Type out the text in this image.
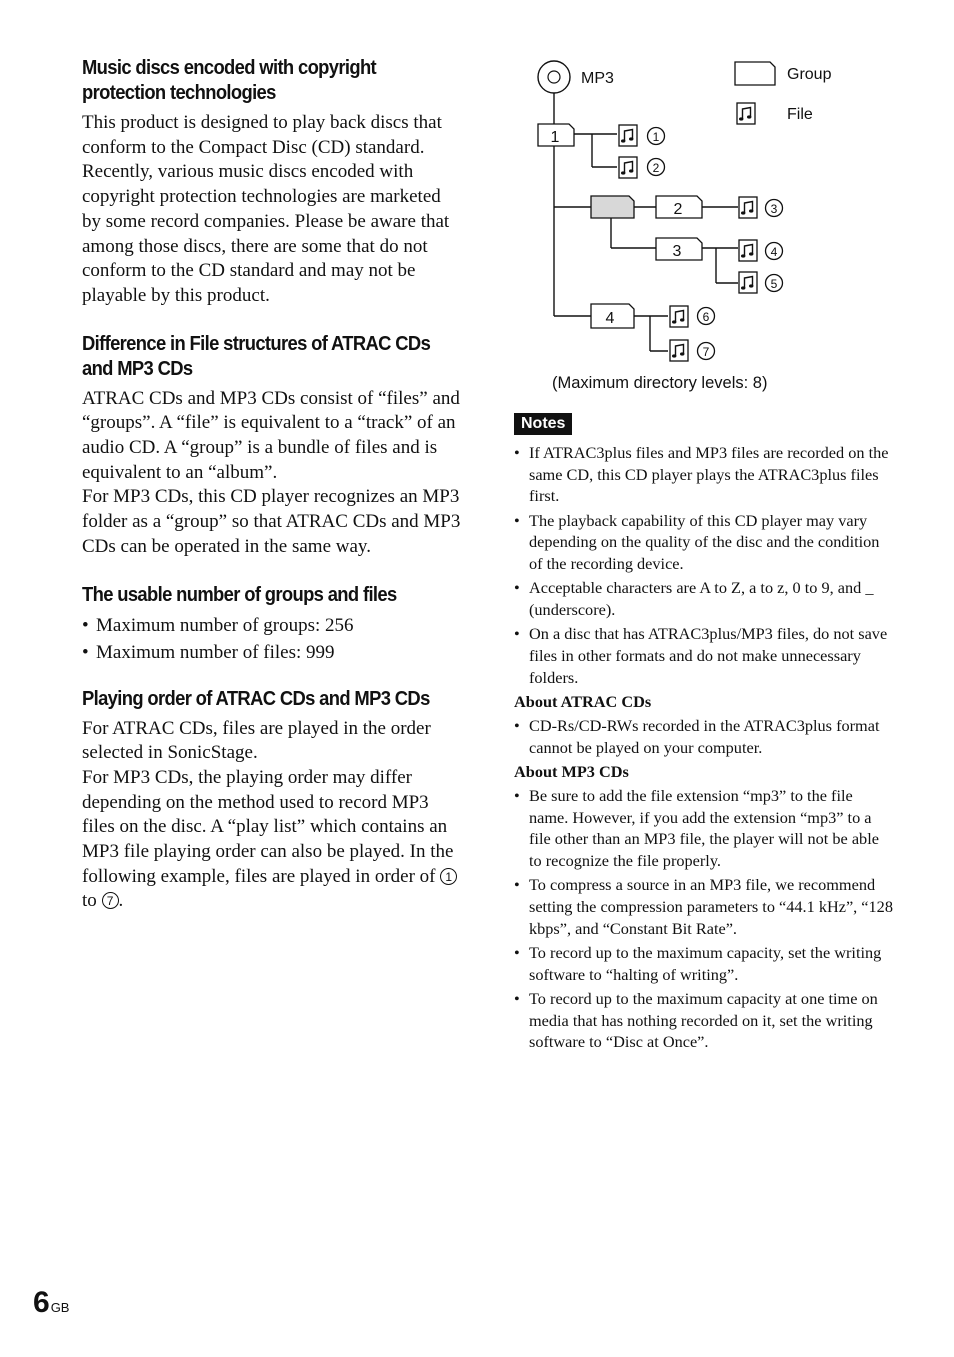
Music discs encoded with copyright protection technologies

This product is designed to play back discs that conform to the Compact Disc (CD) standard. Recently, various music discs encoded with copyright protection technologies are marketed by some record companies. Please be aware that among those discs, there are some that do not conform to the CD standard and may not be playable by this product.

Difference in File structures of ATRAC CDs and MP3 CDs

ATRAC CDs and MP3 CDs consist of “files” and “groups”. A “file” is equivalent to a “track” of an audio CD. A “group” is a bundle of files and is equivalent to an “album”.

For MP3 CDs, this CD player recognizes an MP3 folder as a “group” so that ATRAC CDs and MP3 CDs can be operated in the same way.

The usable number of groups and files
• Maximum number of groups: 256
• Maximum number of files: 999
Playing order of ATRAC CDs and MP3 CDs

For ATRAC CDs, files are played in the order selected in SonicStage.

For MP3 CDs, the playing order may differ depending on the method used to record MP3 files on the disc. A “play list” which contains an MP3 file playing order can also be played. In the following example, files are played in order of 1 to 7 .

MP3	Group
File
1
2
3
4
1
2
3
4
5
6
7
(Maximum directory levels: 8)
Notes
• If ATRAC3plus files and MP3 files are recorded on the same CD, this CD player plays the ATRAC3plus files first.
• The playback capability of this CD player may vary depending on the quality of the disc and the condition of the recording device.
• Acceptable characters are A to Z, a to z, 0 to 9, and _ (underscore).
• On a disc that has ATRAC3plus/MP3 files, do not save files in other formats and do not make unnecessary folders.

About ATRAC CDs

• CD-Rs/CD-RWs recorded in the ATRAC3plus format cannot be played on your computer.

About MP3 CDs

• Be sure to add the file extension “mp3” to the file name. However, if you add the extension “mp3” to a file other than an MP3 file, the player will not be able to recognize the file properly.
• To compress a source in an MP3 file, we recommend setting the compression parameters to “44.1 kHz”, “128 kbps”, and “Constant Bit Rate”.
• To record up to the maximum capacity, set the writing software to “halting of writing”.
• To record up to the maximum capacity at one time on media that has nothing recorded on it, set the writing software to “Disc at Once”.
6 GB
